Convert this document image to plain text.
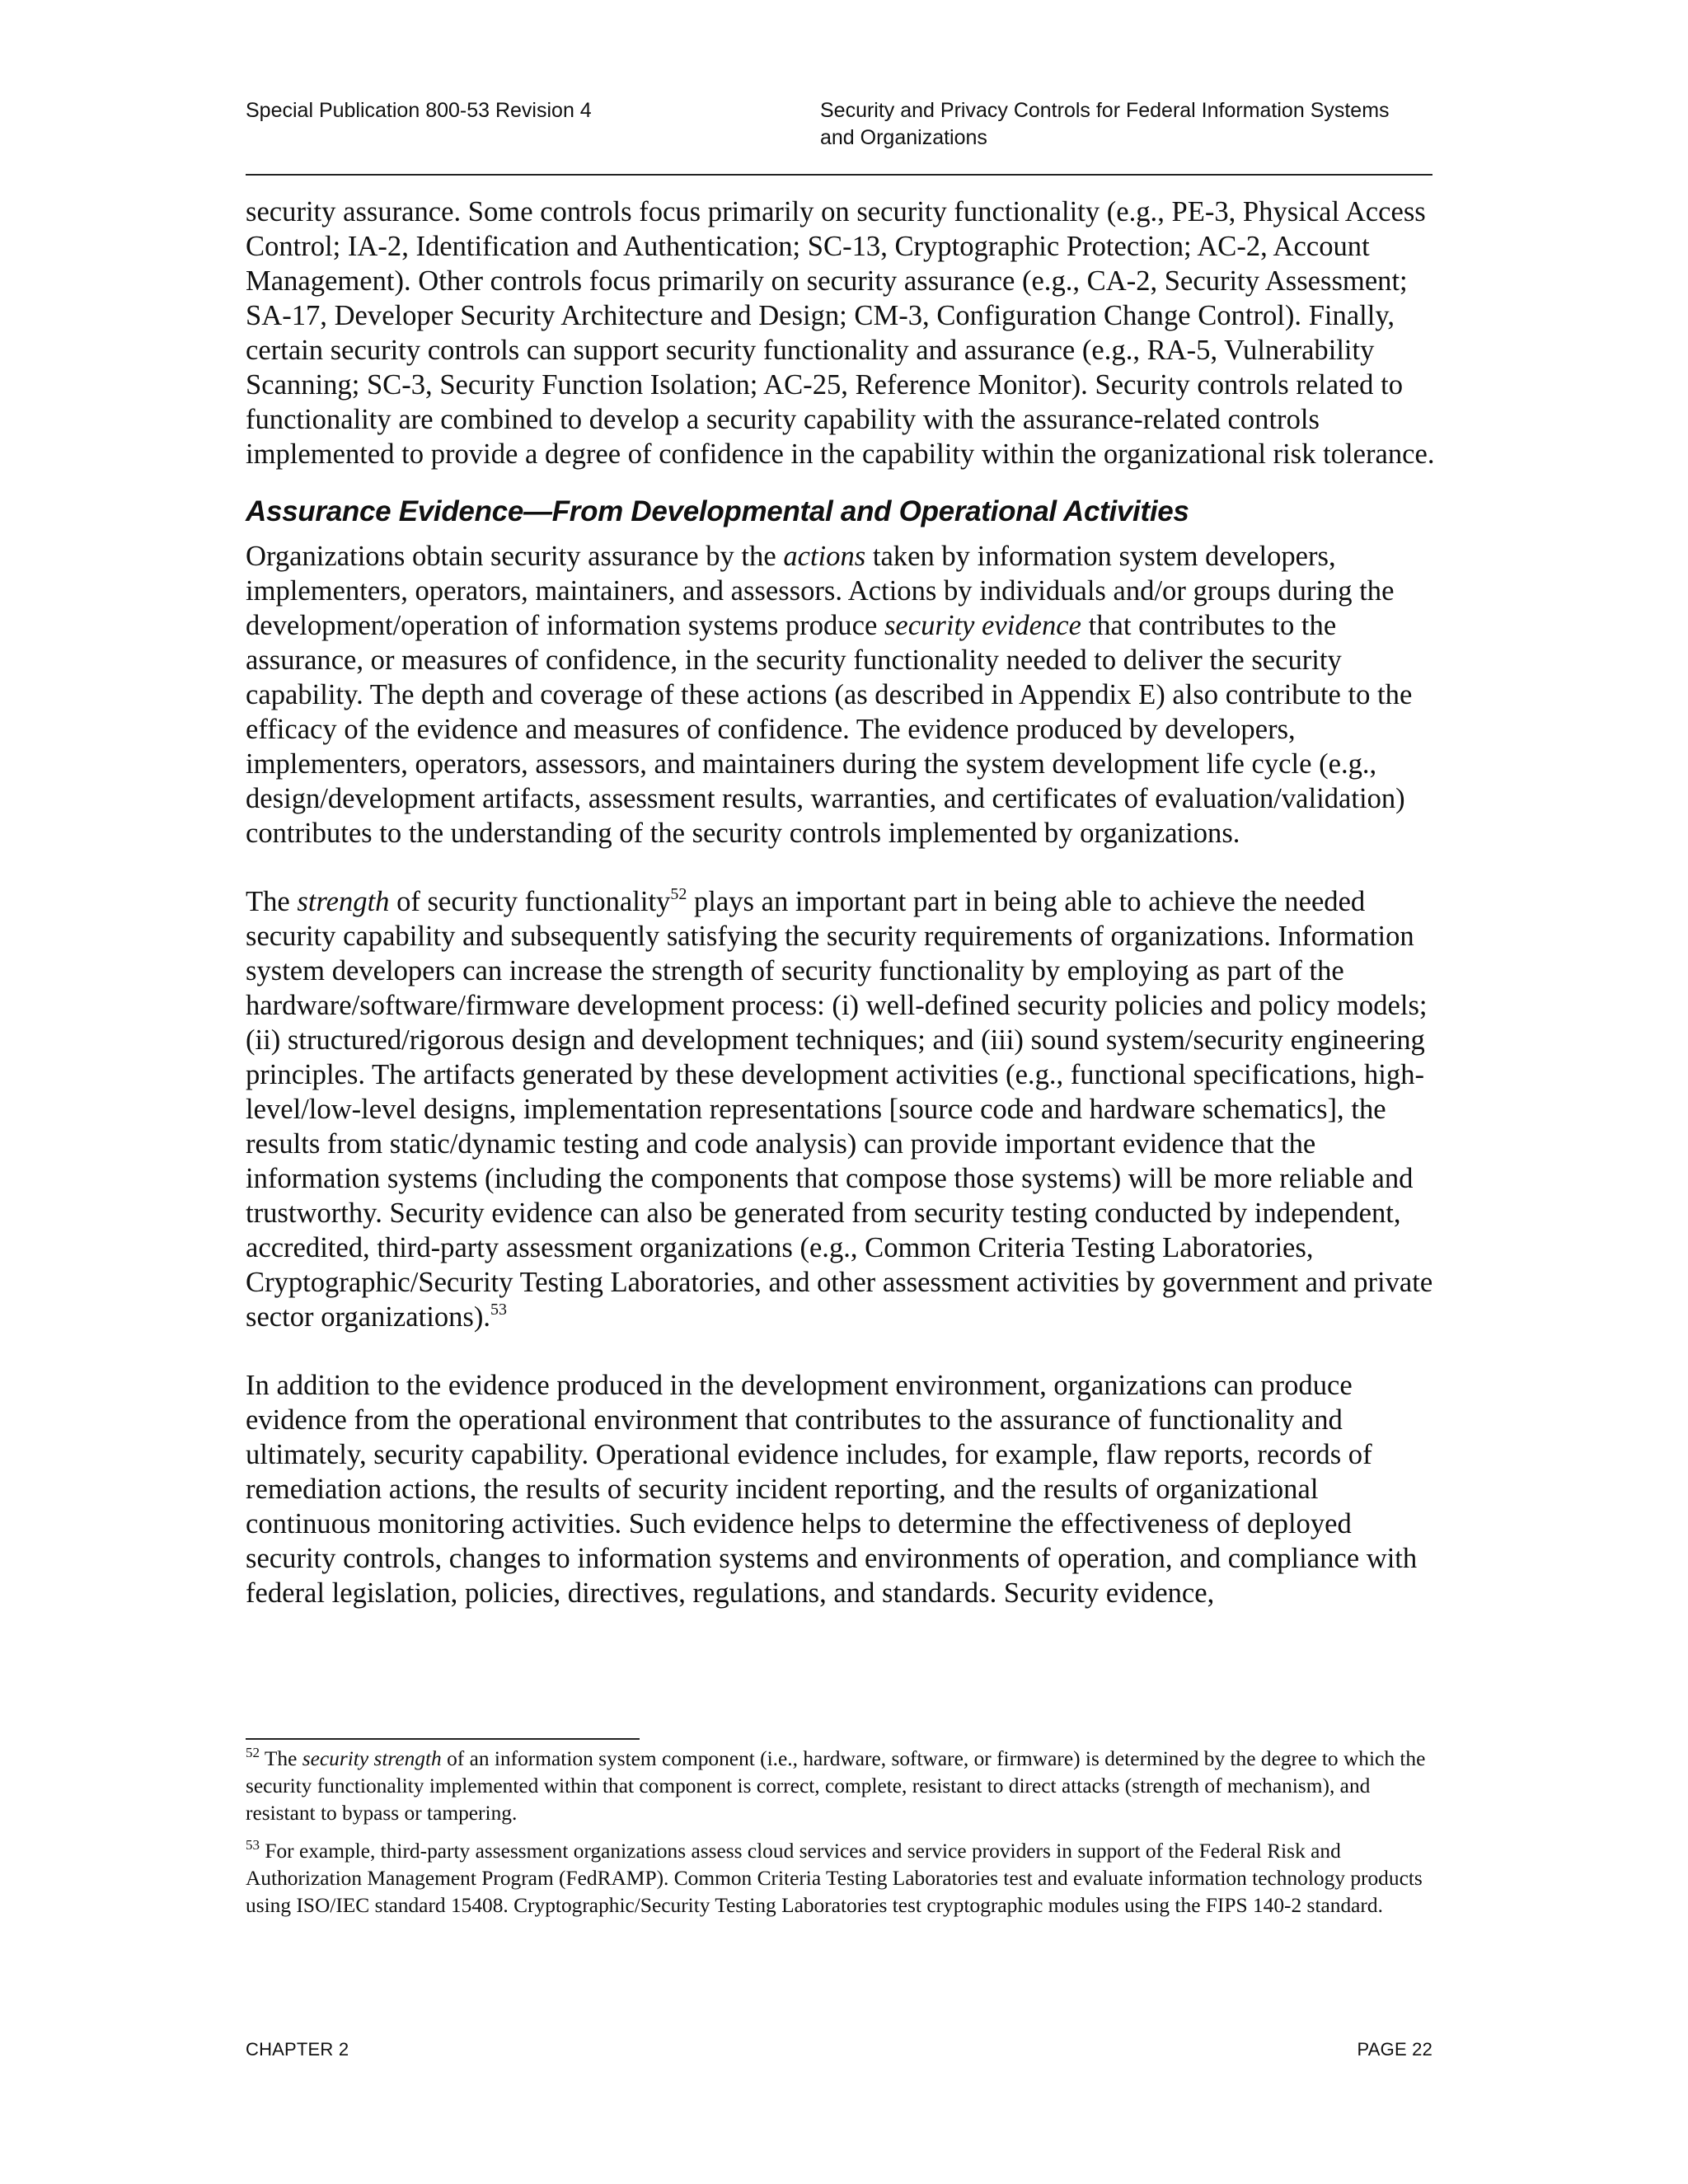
Special Publication 800-53 Revision 4	Security and Privacy Controls for Federal Information Systems
and Organizations

security assurance. Some controls focus primarily on security functionality (e.g., PE-3, Physical Access Control; IA-2, Identification and Authentication; SC-13, Cryptographic Protection; AC-2, Account Management). Other controls focus primarily on security assurance (e.g., CA-2, Security Assessment; SA-17, Developer Security Architecture and Design; CM-3, Configuration Change Control). Finally, certain security controls can support security functionality and assurance (e.g., RA-5, Vulnerability Scanning; SC-3, Security Function Isolation; AC-25, Reference Monitor). Security controls related to functionality are combined to develop a security capability with the assurance-related controls implemented to provide a degree of confidence in the capability within the organizational risk tolerance.

Assurance Evidence—From Developmental and Operational Activities

Organizations obtain security assurance by the actions taken by information system developers, implementers, operators, maintainers, and assessors. Actions by individuals and/or groups during the development/operation of information systems produce security evidence that contributes to the assurance, or measures of confidence, in the security functionality needed to deliver the security capability. The depth and coverage of these actions (as described in Appendix E) also contribute to the efficacy of the evidence and measures of confidence. The evidence produced by developers, implementers, operators, assessors, and maintainers during the system development life cycle (e.g., design/development artifacts, assessment results, warranties, and certificates of evaluation/validation) contributes to the understanding of the security controls implemented by organizations.

The strength of security functionality$^{52}$ plays an important part in being able to achieve the needed security capability and subsequently satisfying the security requirements of organizations. Information system developers can increase the strength of security functionality by employing as part of the hardware/software/firmware development process: (i) well-defined security policies and policy models; (ii) structured/rigorous design and development techniques; and (iii) sound system/security engineering principles. The artifacts generated by these development activities (e.g., functional specifications, high-level/low-level designs, implementation representations [source code and hardware schematics], the results from static/dynamic testing and code analysis) can provide important evidence that the information systems (including the components that compose those systems) will be more reliable and trustworthy. Security evidence can also be generated from security testing conducted by independent, accredited, third-party assessment organizations (e.g., Common Criteria Testing Laboratories, Cryptographic/Security Testing Laboratories, and other assessment activities by government and private sector organizations).$^{53}$

In addition to the evidence produced in the development environment, organizations can produce evidence from the operational environment that contributes to the assurance of functionality and ultimately, security capability. Operational evidence includes, for example, flaw reports, records of remediation actions, the results of security incident reporting, and the results of organizational continuous monitoring activities. Such evidence helps to determine the effectiveness of deployed security controls, changes to information systems and environments of operation, and compliance with federal legislation, policies, directives, regulations, and standards. Security evidence,

$^{52}$ The security strength of an information system component (i.e., hardware, software, or firmware) is determined by the degree to which the security functionality implemented within that component is correct, complete, resistant to direct attacks (strength of mechanism), and resistant to bypass or tampering.

$^{53}$ For example, third-party assessment organizations assess cloud services and service providers in support of the Federal Risk and Authorization Management Program (FedRAMP). Common Criteria Testing Laboratories test and evaluate information technology products using ISO/IEC standard 15408. Cryptographic/Security Testing Laboratories test cryptographic modules using the FIPS 140-2 standard.

CHAPTER 2	PAGE 22
